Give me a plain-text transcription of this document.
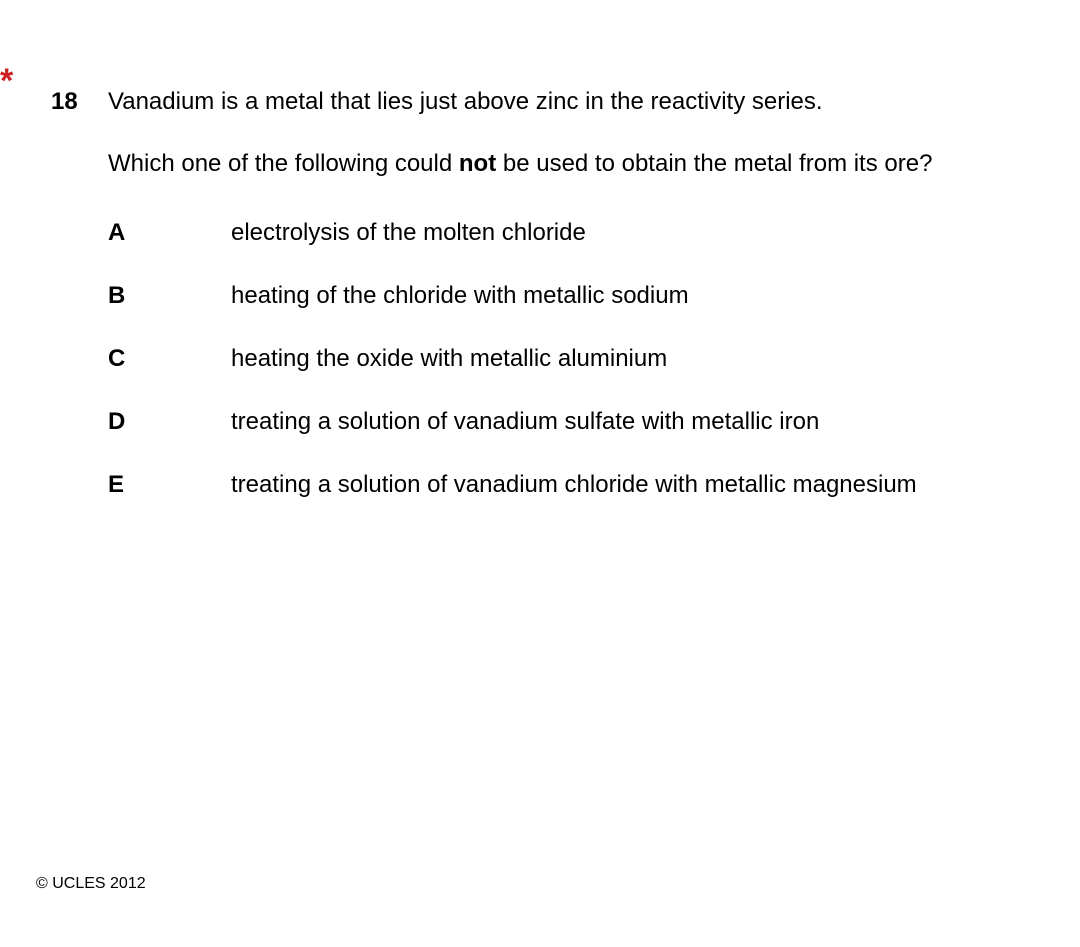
*
18 Vanadium is a metal that lies just above zinc in the reactivity series.
Which one of the following could not be used to obtain the metal from its ore?
A	electrolysis of the molten chloride
B	heating of the chloride with metallic sodium
C	heating the oxide with metallic aluminium
D	treating a solution of vanadium sulfate with metallic iron
E	treating a solution of vanadium chloride with metallic magnesium
© UCLES 2012
